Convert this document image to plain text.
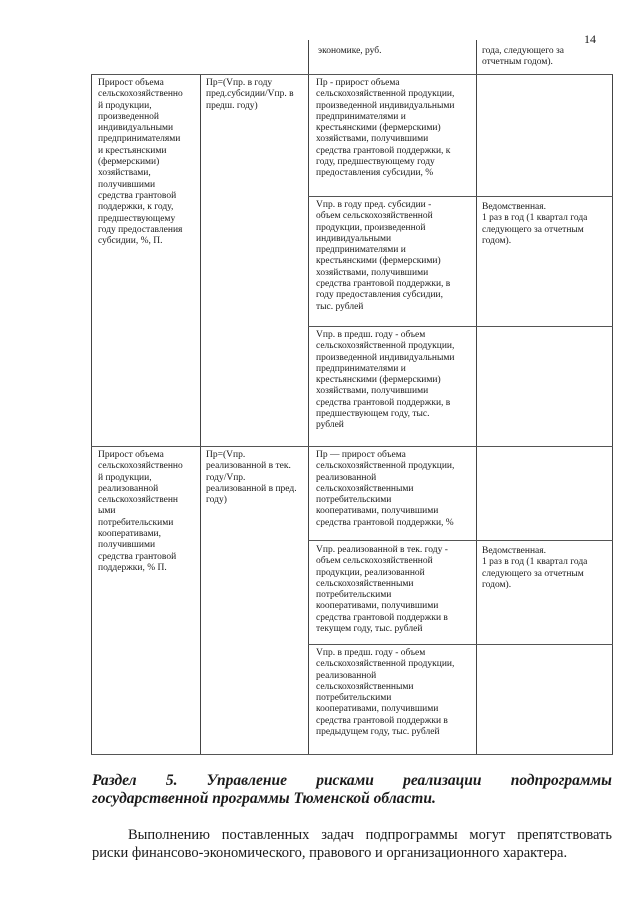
14
экономике, руб.	года, следующего за
отчетным годом).
Прирост объема
сельскохозяйственно
й продукции,
произведенной
индивидуальными
предпринимателями
и крестьянскими
(фермерскими)
хозяйствами,
получившими
средства грантовой
поддержки, к году,
предшествующему
году предоставления
субсидии, %, П.
Пр=(Vпр. в году
пред.субсидии/Vпр. в
предш. году)
Пр - прирост объема
сельскохозяйственной продукции,
произведенной индивидуальными
предпринимателями и
крестьянскими (фермерскими)
хозяйствами, получившими
средства грантовой поддержки, к
году, предшествующему году
предоставления субсидии, %
Vпр. в году пред. субсидии -
объем сельскохозяйственной
продукции, произведенной
индивидуальными
предпринимателями и
крестьянскими (фермерскими)
хозяйствами, получившими
средства грантовой поддержки, в
году предоставления субсидии,
тыс. рублей
Ведомственная.
1 раз в год (1 квартал года
следующего за отчетным
годом).
Vпр. в предш. году - объем
сельскохозяйственной продукции,
произведенной индивидуальными
предпринимателями и
крестьянскими (фермерскими)
хозяйствами, получившими
средства грантовой поддержки, в
предшествующем году, тыс.
рублей
Прирост объема
сельскохозяйственно
й продукции,
реализованной
сельскохозяйственн
ыми
потребительскими
кооперативами,
получившими
средства грантовой
поддержки, % П.
Пр=(Vпр.
реализованной в тек.
году/Vпр.
реализованной в пред.
году)
Пр — прирост объема
сельскохозяйственной продукции,
реализованной
сельскохозяйственными
потребительскими
кооперативами, получившими
средства грантовой поддержки, %
Vпр. реализованной в тек. году -
объем сельскохозяйственной
продукции, реализованной
сельскохозяйственными
потребительскими
кооперативами, получившими
средства грантовой поддержки в
текущем году, тыс. рублей
Ведомственная.
1 раз в год (1 квартал года
следующего за отчетным
годом).
Vпр. в предш. году - объем
сельскохозяйственной продукции,
реализованной
сельскохозяйственными
потребительскими
кооперативами, получившими
средства грантовой поддержки в
предыдущем году, тыс. рублей
Раздел 5. Управление рисками реализации подпрограммы
государственной программы Тюменской области.
Выполнению поставленных задач подпрограммы могут препятствовать
риски финансово-экономического, правового и организационного характера.
